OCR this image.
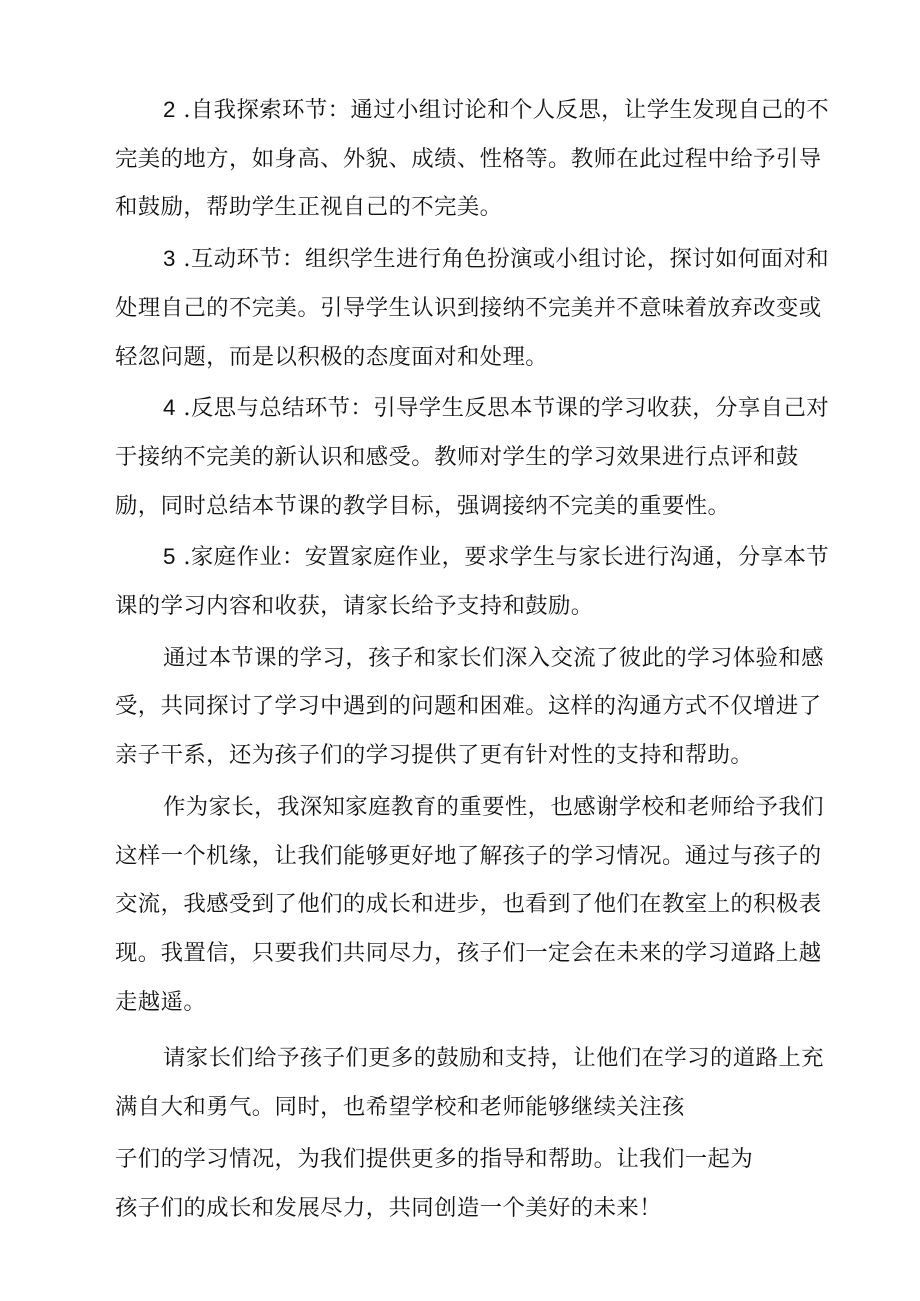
2 .自我探索环节：通过小组讨论和个人反思，让学生发现自己的不完美的地方，如身高、外貌、成绩、性格等。教师在此过程中给予引导和鼓励，帮助学生正视自己的不完美。

3 .互动环节：组织学生进行角色扮演或小组讨论，探讨如何面对和处理自己的不完美。引导学生认识到接纳不完美并不意味着放弃改变或轻忽问题，而是以积极的态度面对和处理。

4 .反思与总结环节：引导学生反思本节课的学习收获，分享自己对于接纳不完美的新认识和感受。教师对学生的学习效果进行点评和鼓励，同时总结本节课的教学目标，强调接纳不完美的重要性。

5 .家庭作业：安置家庭作业，要求学生与家长进行沟通，分享本节课的学习内容和收获，请家长给予支持和鼓励。

通过本节课的学习，孩子和家长们深入交流了彼此的学习体验和感受，共同探讨了学习中遇到的问题和困难。这样的沟通方式不仅增进了亲子干系，还为孩子们的学习提供了更有针对性的支持和帮助。

作为家长，我深知家庭教育的重要性，也感谢学校和老师给予我们这样一个机缘，让我们能够更好地了解孩子的学习情况。通过与孩子的交流，我感受到了他们的成长和进步，也看到了他们在教室上的积极表现。我置信，只要我们共同尽力，孩子们一定会在未来的学习道路上越走越遥。

请家长们给予孩子们更多的鼓励和支持，让他们在学习的道路上充满自大和勇气。同时，也希望学校和老师能够继续关注孩

子们的学习情况，为我们提供更多的指导和帮助。让我们一起为

孩子们的成长和发展尽力，共同创造一个美好的未来！
